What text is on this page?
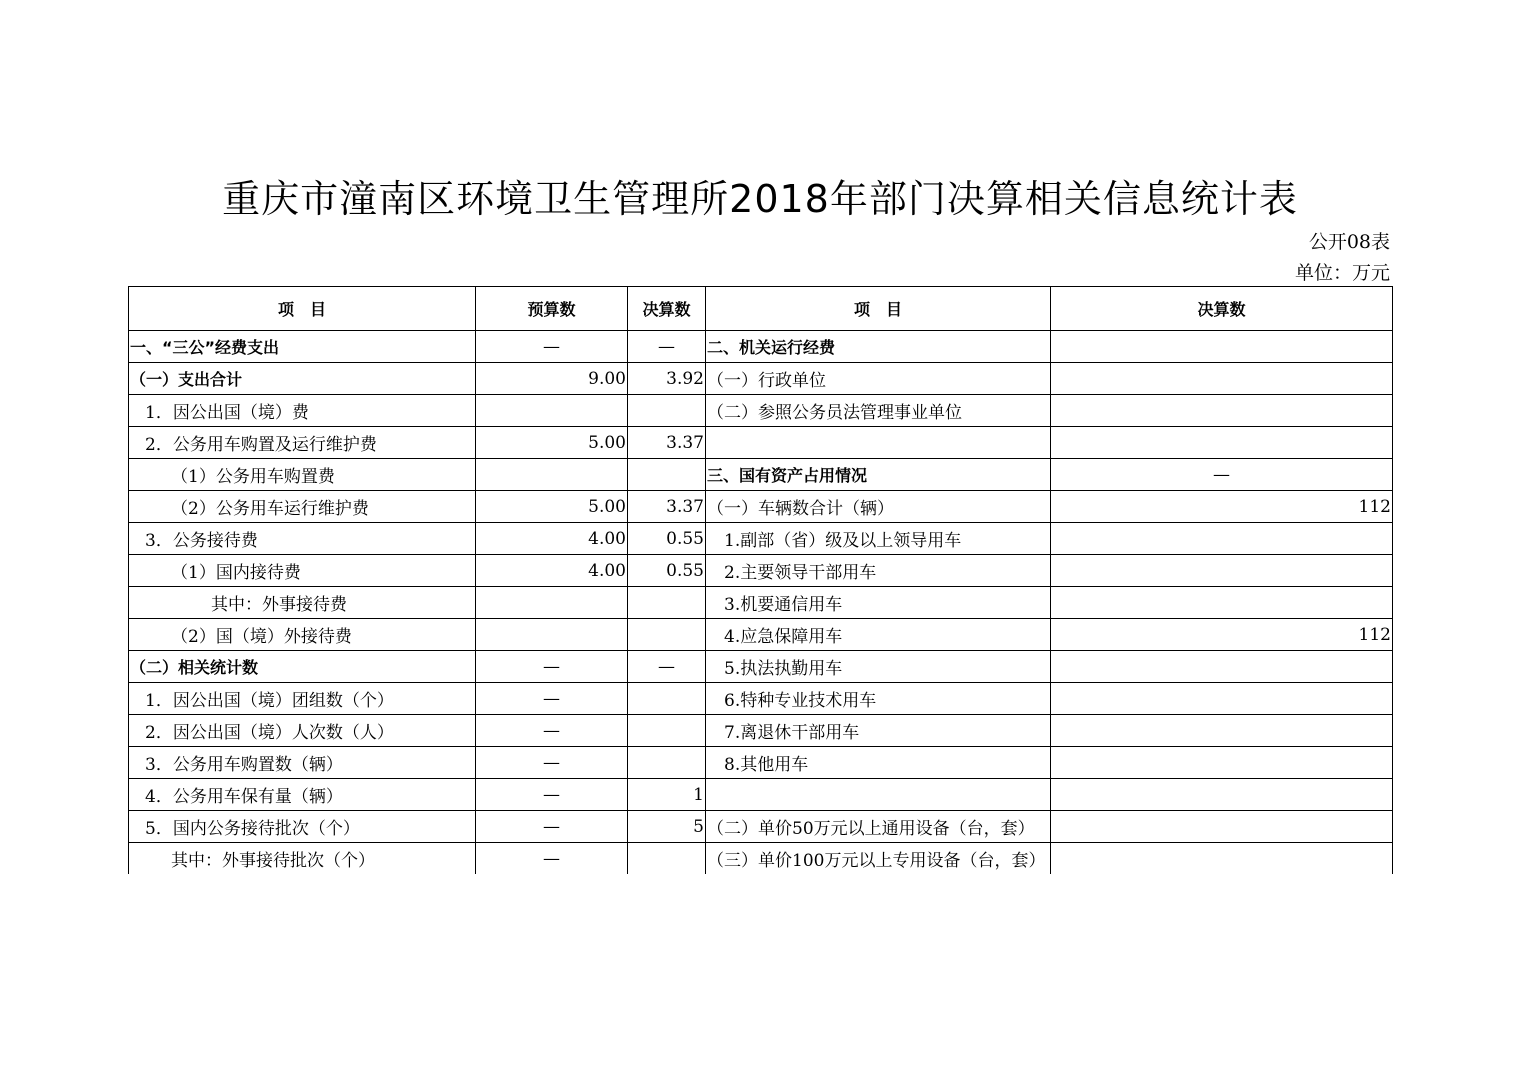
重庆市潼南区环境卫生管理所2018年部门决算相关信息统计表
公开08表
单位：万元
项　目	预算数	决算数	项　目	决算数
一、“三公”经费支出	—	—	二、机关运行经费	
（一）支出合计	9.00	3.92	（一）行政单位	
1．因公出国（境）费			（二）参照公务员法管理事业单位	
2．公务用车购置及运行维护费	5.00	3.37		
（1）公务用车购置费			三、国有资产占用情况	—
（2）公务用车运行维护费	5.00	3.37	（一）车辆数合计（辆）	112
3．公务接待费	4.00	0.55	1.副部（省）级及以上领导用车	
（1）国内接待费	4.00	0.55	2.主要领导干部用车	
其中：外事接待费			3.机要通信用车	
（2）国（境）外接待费			4.应急保障用车	112
（二）相关统计数	—	—	5.执法执勤用车	
1．因公出国（境）团组数（个）	—		6.特种专业技术用车	
2．因公出国（境）人次数（人）	—		7.离退休干部用车	
3．公务用车购置数（辆）	—		8.其他用车	
4．公务用车保有量（辆）	—	1		
5．国内公务接待批次（个）	—	5	（二）单价50万元以上通用设备（台，套）	
其中：外事接待批次（个）	—		（三）单价100万元以上专用设备（台，套）	
